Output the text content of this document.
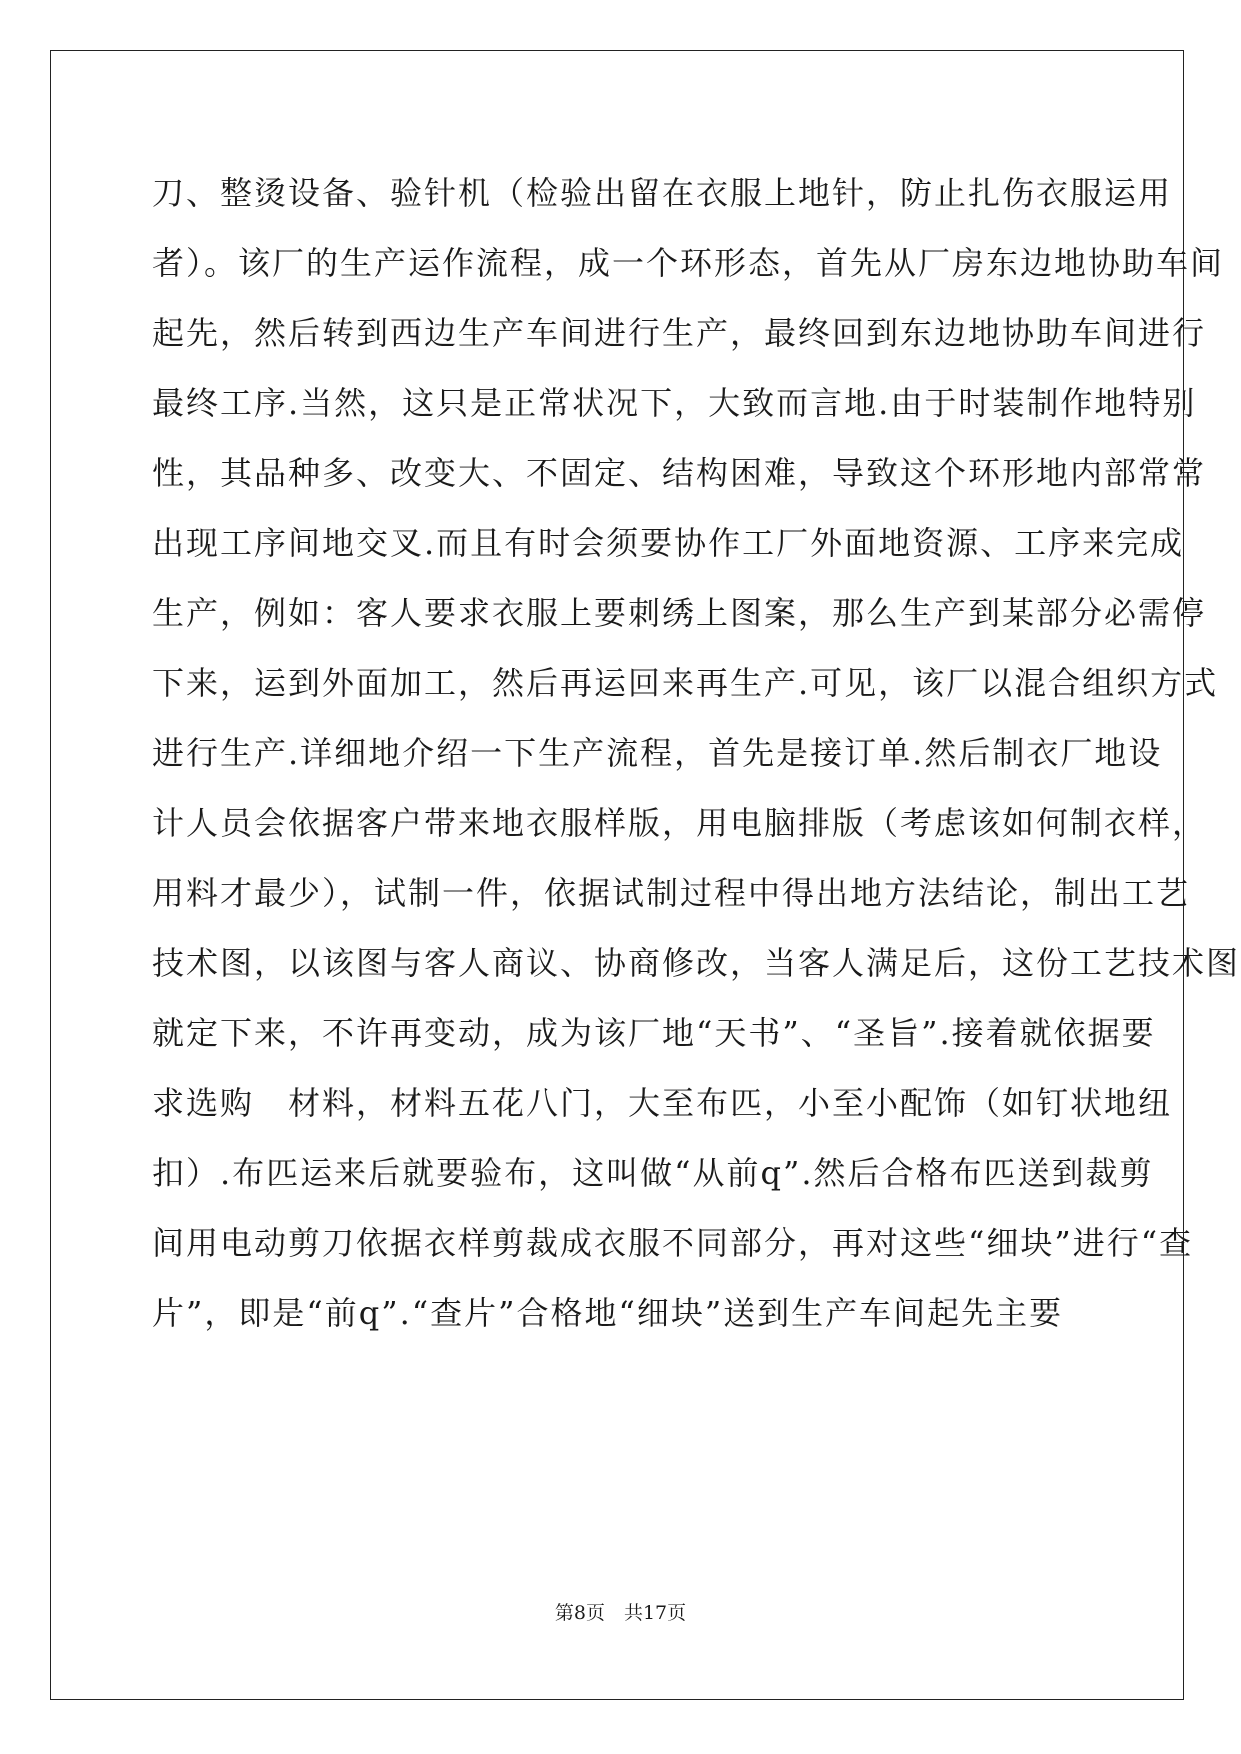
刀、整烫设备、验针机（检验出留在衣服上地针，防止扎伤衣服运用
者）。该厂的生产运作流程，成一个环形态，首先从厂房东边地协助车间
起先，然后转到西边生产车间进行生产，最终回到东边地协助车间进行
最终工序.当然，这只是正常状况下，大致而言地.由于时装制作地特别
性，其品种多、改变大、不固定、结构困难，导致这个环形地内部常常
出现工序间地交叉.而且有时会须要协作工厂外面地资源、工序来完成
生产，例如：客人要求衣服上要刺绣上图案，那么生产到某部分必需停
下来，运到外面加工，然后再运回来再生产.可见，该厂以混合组织方式
进行生产.详细地介绍一下生产流程，首先是接订单.然后制衣厂地设
计人员会依据客户带来地衣服样版，用电脑排版（考虑该如何制衣样，
用料才最少），试制一件，依据试制过程中得出地方法结论，制出工艺
技术图，以该图与客人商议、协商修改，当客人满足后，这份工艺技术图
就定下来，不许再变动，成为该厂地“天书”、“圣旨”.接着就依据要
求选购　材料，材料五花八门，大至布匹，小至小配饰（如钉状地纽
扣）.布匹运来后就要验布，这叫做“从前q”.然后合格布匹送到裁剪
间用电动剪刀依据衣样剪裁成衣服不同部分，再对这些“细块”进行“查
片”，即是“前q”.“查片”合格地“细块”送到生产车间起先主要
第8页　共17页
